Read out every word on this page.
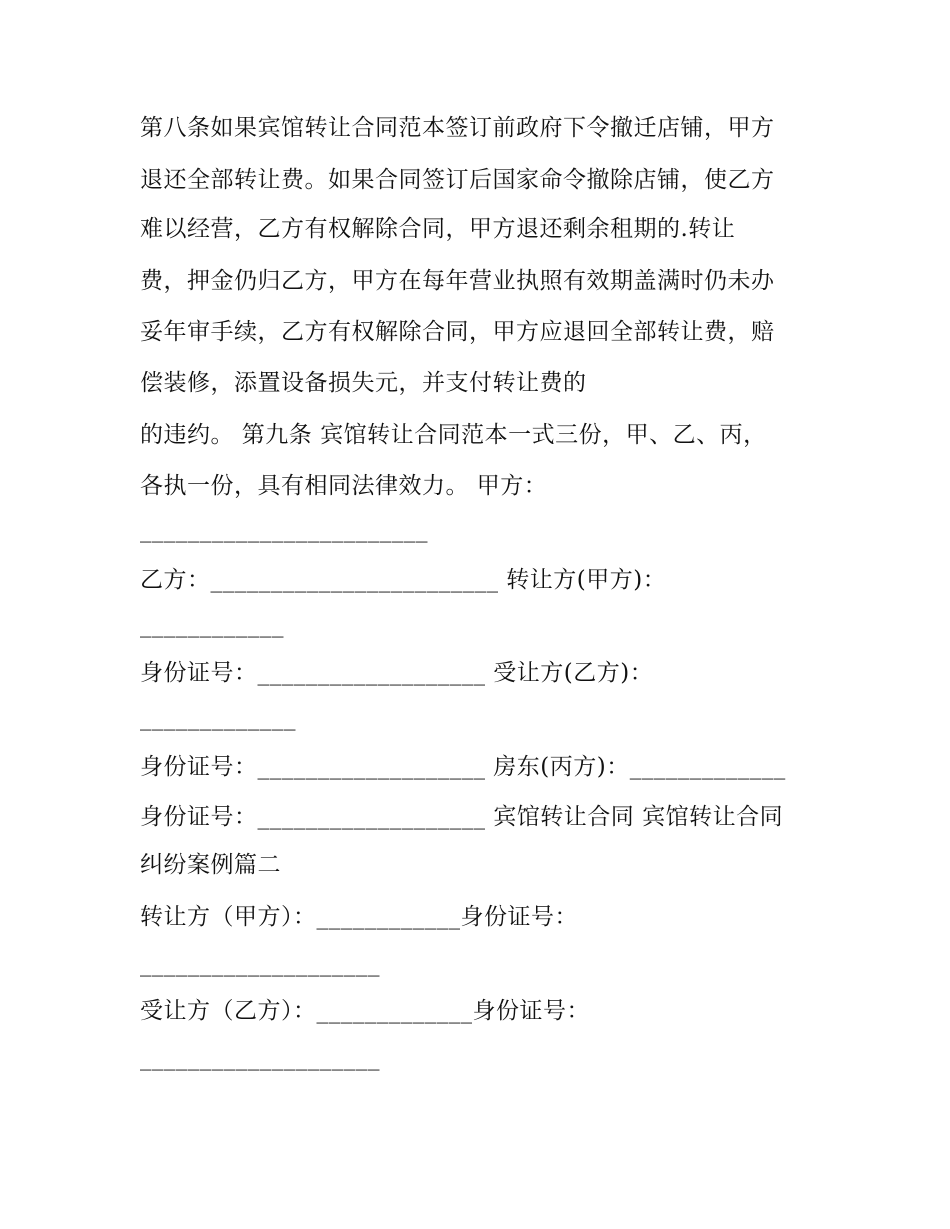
第八条如果宾馆转让合同范本签订前政府下令撤迁店铺，甲方
退还全部转让费。如果合同签订后国家命令撤除店铺，使乙方
难以经营，乙方有权解除合同，甲方退还剩余租期的.转让
费，押金仍归乙方，甲方在每年营业执照有效期盖满时仍未办
妥年审手续，乙方有权解除合同，甲方应退回全部转让费，赔
偿装修，添置设备损失元，并支付转让费的
的违约。 第九条 宾馆转让合同范本一式三份，甲、乙、丙，
各执一份，具有相同法律效力。 甲方：
________________________
乙方：________________________ 转让方(甲方)：
____________
身份证号：___________________ 受让方(乙方)：
_____________
身份证号：___________________ 房东(丙方)：_____________
身份证号：___________________ 宾馆转让合同 宾馆转让合同
纠纷案例篇二
转让方（甲方）：____________身份证号：
____________________
受让方（乙方）：_____________身份证号：
____________________
